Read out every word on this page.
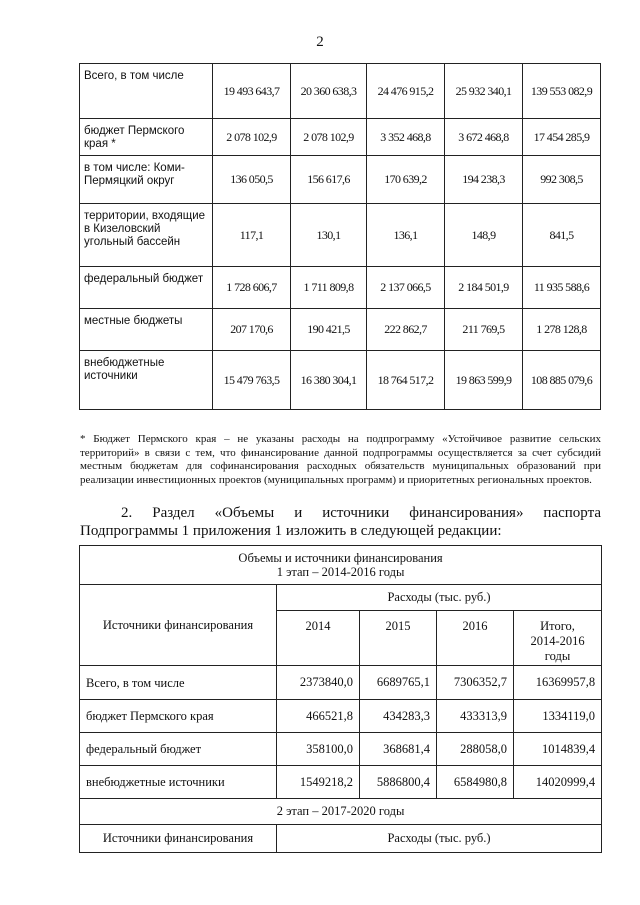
2
Всего, в том числе	19 493 643,7	20 360 638,3	24 476 915,2	25 932 340,1	139 553 082,9
бюджет Пермского края *	2 078 102,9	2 078 102,9	3 352 468,8	3 672 468,8	17 454 285,9
в том числе: Коми-Пермяцкий округ	136 050,5	156 617,6	170 639,2	194 238,3	992 308,5
территории, входящие в Кизеловский угольный бассейн	117,1	130,1	136,1	148,9	841,5
федеральный бюджет	1 728 606,7	1 711 809,8	2 137 066,5	2 184 501,9	11 935 588,6
местные бюджеты	207 170,6	190 421,5	222 862,7	211 769,5	1 278 128,8
внебюджетные источники	15 479 763,5	16 380 304,1	18 764 517,2	19 863 599,9	108 885 079,6
* Бюджет Пермского края – не указаны расходы на подпрограмму «Устойчивое развитие сельских территорий» в связи с тем, что финансирование данной подпрограммы осуществляется за счет субсидий местным бюджетам для софинансирования расходных обязательств муниципальных образований при реализации инвестиционных проектов (муниципальных программ) и приоритетных региональных проектов.
2. Раздел «Объемы и источники финансирования» паспорта
Подпрограммы 1 приложения 1 изложить в следующей редакции:
Объемы и источники финансирования
1 этап – 2014-2016 годы				

Источники финансирования	Расходы (тыс. руб.)			
	2014	2015	2016	Итого, 2014-2016 годы

Всего, в том числе	2373840,0	6689765,1	7306352,7	16369957,8
бюджет Пермского края	466521,8	434283,3	433313,9	1334119,0
федеральный бюджет	358100,0	368681,4	288058,0	1014839,4
внебюджетные источники	1549218,2	5886800,4	6584980,8	14020999,4
2 этап – 2017-2020 годы				
Источники финансирования	Расходы (тыс. руб.)			
